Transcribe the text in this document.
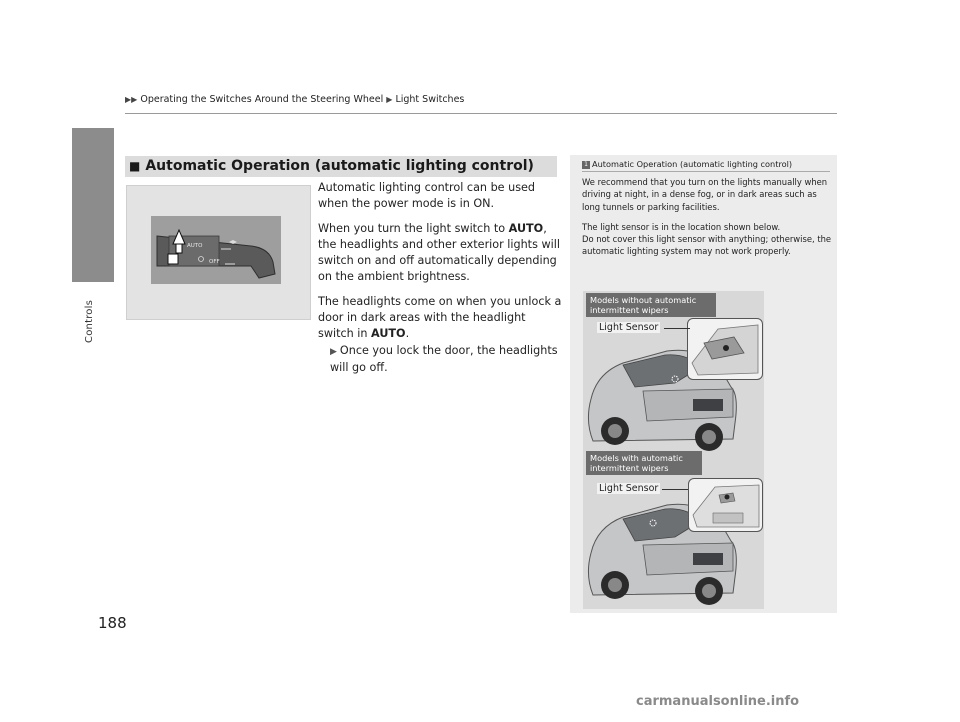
▶▶ Operating the Switches Around the Steering Wheel ▶ Light Switches
Controls
188
■ Automatic Operation (automatic lighting control)
AUTO
OFF

Automatic lighting control can be used when the power mode is in ON.

When you turn the light switch to AUTO, the headlights and other exterior lights will switch on and off automatically depending on the ambient brightness.

The headlights come on when you unlock a door in dark areas with the headlight switch in AUTO.

▶ Once you lock the door, the headlights will go off.
1 Automatic Operation (automatic lighting control)

We recommend that you turn on the lights manually when driving at night, in a dense fog, or in dark areas such as long tunnels or parking facilities.

The light sensor is in the location shown below.
Do not cover this light sensor with anything; otherwise, the automatic lighting system may not work properly.
Models without automatic intermittent wipers
Models with automatic intermittent wipers
Light Sensor
Light Sensor
carmanualsonline.info
